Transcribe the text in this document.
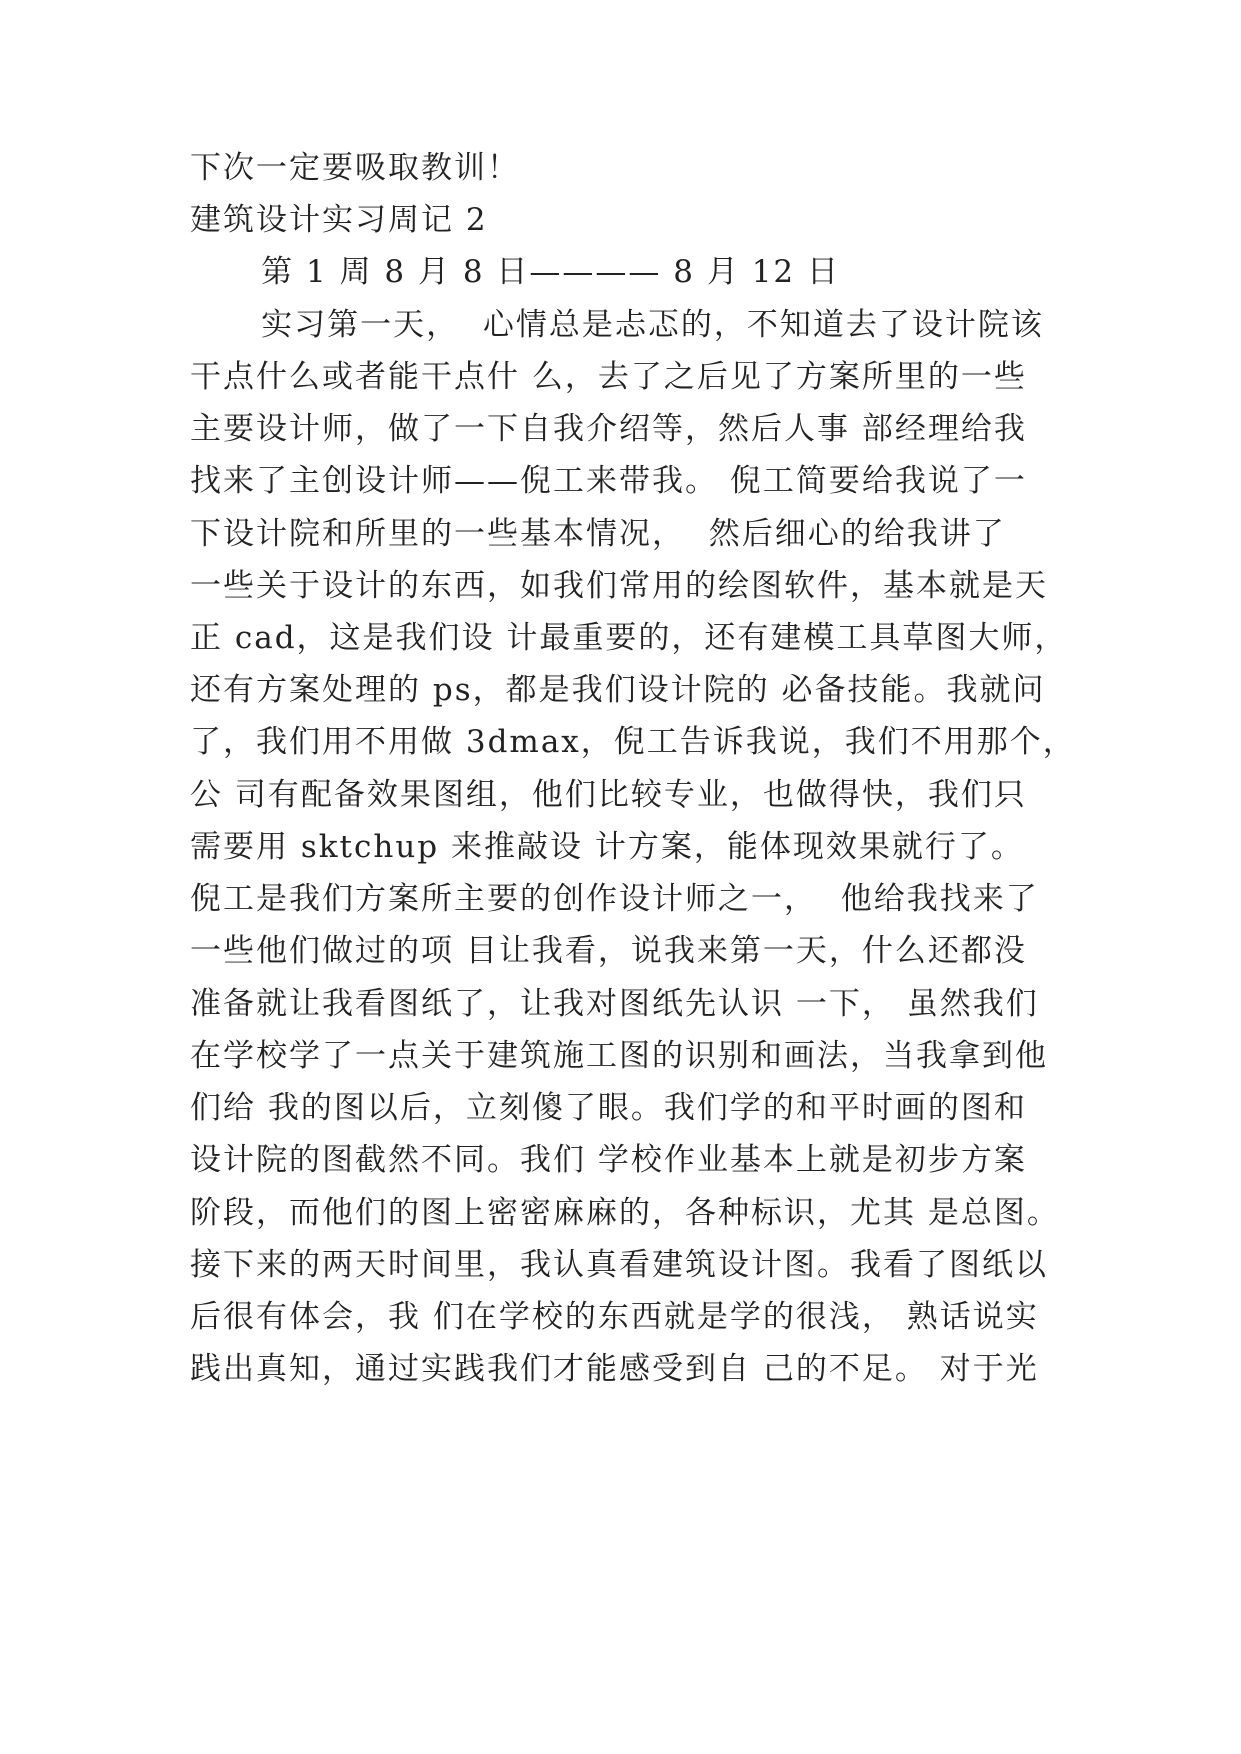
下次一定要吸取教训！
建筑设计实习周记 2
第 1 周 8 月 8 日———— 8 月 12 日
实习第一天，  心情总是忐忑的，不知道去了设计院该
干点什么或者能干点什 么，去了之后见了方案所里的一些
主要设计师，做了一下自我介绍等，然后人事 部经理给我
找来了主创设计师——倪工来带我。 倪工简要给我说了一
下设计院和所里的一些基本情况，  然后细心的给我讲了
一些关于设计的东西，如我们常用的绘图软件，基本就是天
正 cad，这是我们设 计最重要的，还有建模工具草图大师，
还有方案处理的 ps，都是我们设计院的 必备技能。我就问
了，我们用不用做 3dmax，倪工告诉我说，我们不用那个，
公 司有配备效果图组，他们比较专业，也做得快，我们只
需要用 sktchup 来推敲设 计方案，能体现效果就行了。
倪工是我们方案所主要的创作设计师之一，  他给我找来了
一些他们做过的项 目让我看，说我来第一天，什么还都没
准备就让我看图纸了，让我对图纸先认识 一下， 虽然我们
在学校学了一点关于建筑施工图的识别和画法，当我拿到他
们给 我的图以后，立刻傻了眼。我们学的和平时画的图和
设计院的图截然不同。我们 学校作业基本上就是初步方案
阶段，而他们的图上密密麻麻的，各种标识，尤其 是总图。
接下来的两天时间里，我认真看建筑设计图。我看了图纸以
后很有体会，我 们在学校的东西就是学的很浅， 熟话说实
践出真知，通过实践我们才能感受到自 己的不足。 对于光
